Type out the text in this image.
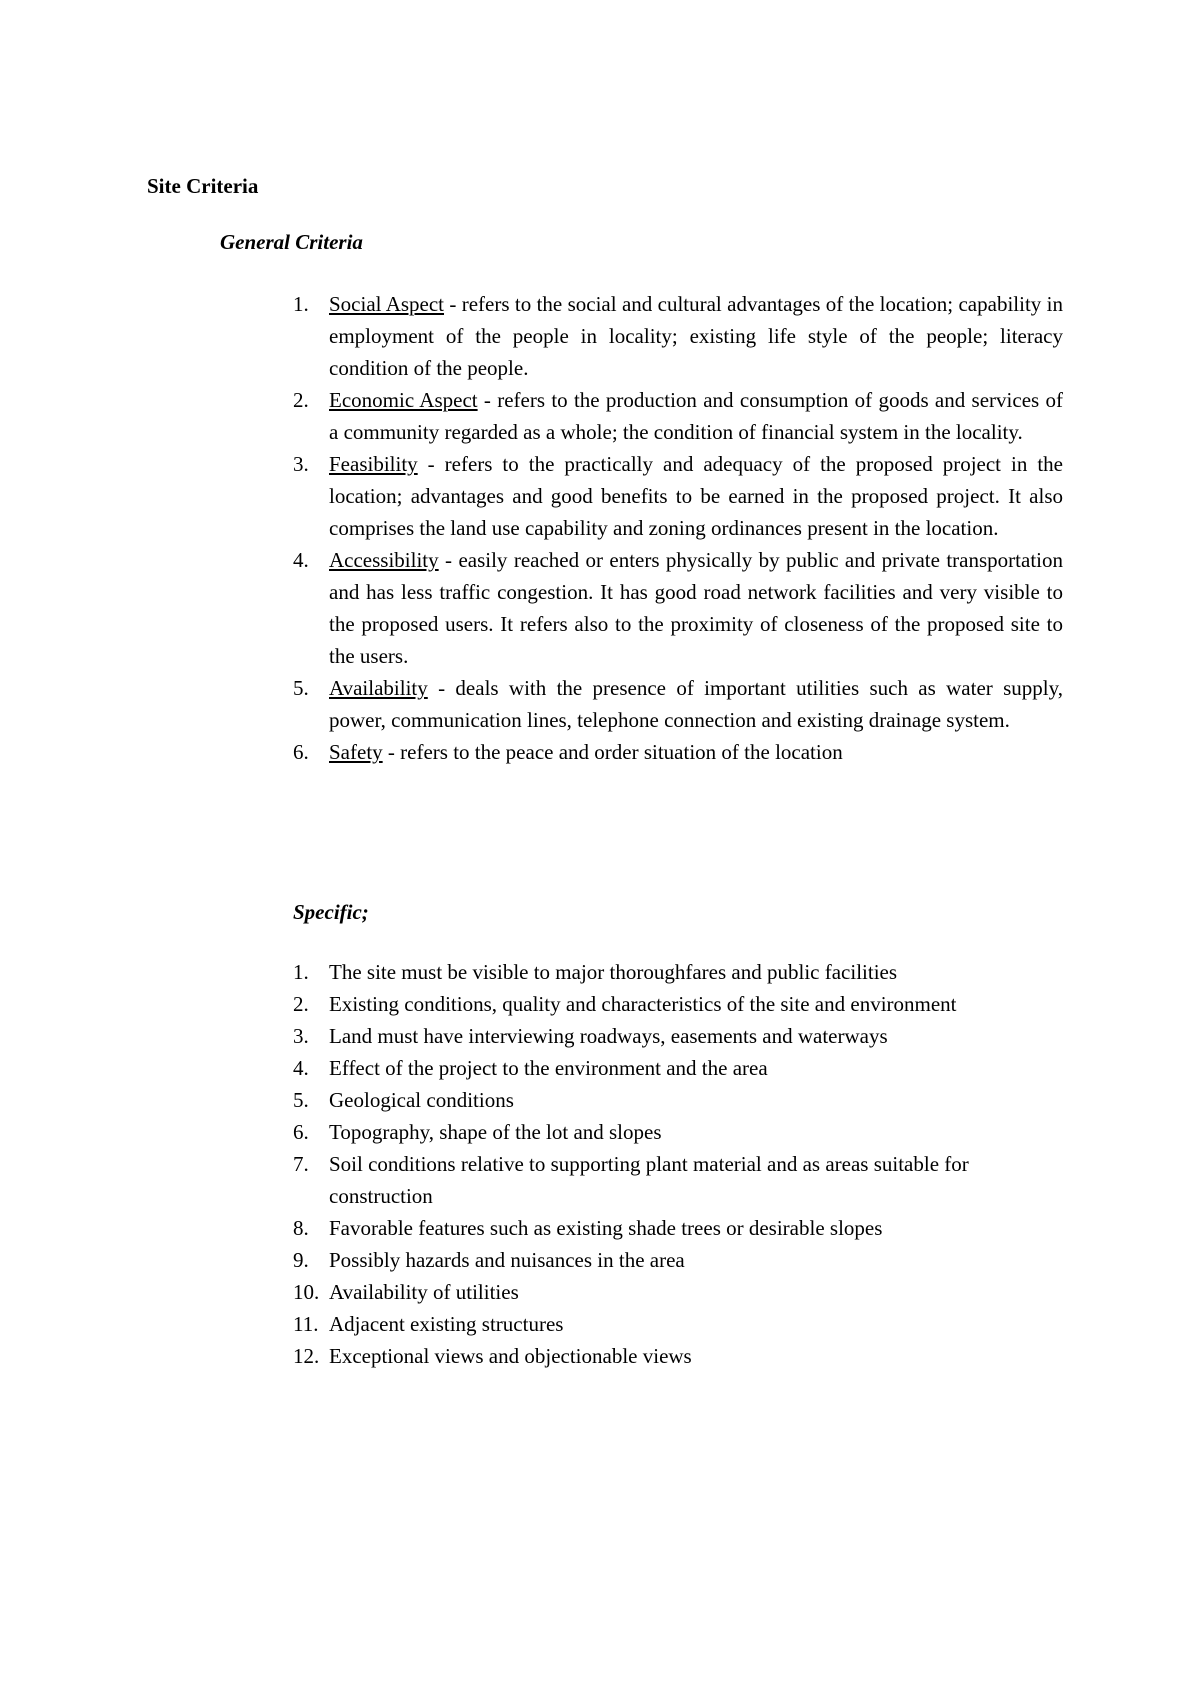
Site Criteria
General Criteria
1. Social Aspect - refers to the social and cultural advantages of the location; capability in employment of the people in locality; existing life style of the people; literacy condition of the people.
2. Economic Aspect - refers to the production and consumption of goods and services of a community regarded as a whole; the condition of financial system in the locality.
3. Feasibility - refers to the practically and adequacy of the proposed project in the location; advantages and good benefits to be earned in the proposed project. It also comprises the land use capability and zoning ordinances present in the location.
4. Accessibility - easily reached or enters physically by public and private transportation and has less traffic congestion. It has good road network facilities and very visible to the proposed users. It refers also to the proximity of closeness of the proposed site to the users.
5. Availability - deals with the presence of important utilities such as water supply, power, communication lines, telephone connection and existing drainage system.
6. Safety - refers to the peace and order situation of the location
Specific;
1. The site must be visible to major thoroughfares and public facilities
2. Existing conditions, quality and characteristics of the site and environment
3. Land must have interviewing roadways, easements and waterways
4. Effect of the project to the environment and the area
5. Geological conditions
6. Topography, shape of the lot and slopes
7. Soil conditions relative to supporting plant material and as areas suitable for construction
8. Favorable features such as existing shade trees or desirable slopes
9. Possibly hazards and nuisances in the area
10. Availability of utilities
11. Adjacent existing structures
12. Exceptional views and objectionable views
